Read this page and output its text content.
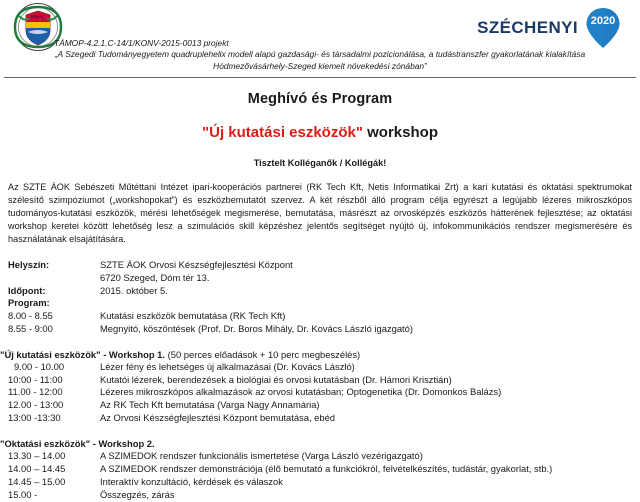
SZÉCHENYI 2020
TÁMOP-4.2.1.C-14/1/KONV-2015-0013 projekt
„A Szegedi Tudományegyetem quadruplehelix modell alapú gazdasági- és társadalmi pozicionálása, a tudástranszfer gyakorlatának kialakítása
Hódmezővásárhely-Szeged kiemelt növekedési zónában”
Meghívó és Program
"Új kutatási eszközök" workshop
Tisztelt Kolléganők / Kollégák!
Az SZTE ÁOK Sebészeti Műtéttani Intézet ipari-kooperációs partnerei (RK Tech Kft, Netis Informatikai Zrt) a kari kutatási és oktatási spektrumokat szélesítő szimpóziumot („workshopokat”) és eszközbemutatót szervez. A két részből álló program célja egyrészt a legújabb lézeres mikroszkópos tudományos-kutatási eszközök, mérési lehetőségek megismerése, bemutatása, másrészt az orvosképzés eszközös hátterének fejlesztése; az oktatási workshop keretei között lehetőség lesz a szimulációs skill képzéshez jelentős segítséget nyújtó új, infokommunikációs rendszer megismerésére és használatának elsajátítására.
Helyszín:	SZTE ÁOK Orvosi Készségfejlesztési Központ
6720 Szeged, Dóm tér 13.
Időpont:	2015. október 5.
Program:
8.00 - 8.55	Kutatási eszközök bemutatása (RK Tech Kft)
8.55 - 9:00	Megnyitó, köszöntések (Prof. Dr. Boros Mihály, Dr. Kovács László igazgató)
"Új kutatási eszközök" - Workshop 1. (50 perces előadások + 10 perc megbeszélés)
9.00 - 10.00	Lézer fény és lehetséges új alkalmazásai (Dr. Kovács László)
10:00 - 11:00	Kutatói lézerek, berendezések a biológiai és orvosi kutatásban (Dr. Hámori Krisztián)
11.00 - 12:00	Lézeres mikroszkópos alkalmazások az orvosi kutatásban; Optogenetika (Dr. Domonkos Balázs)
12.00 - 13:00	Az RK Tech Kft bemutatása (Varga Nagy Annamária)
13:00 -13:30	Az Orvosi Készségfejlesztési Központ bemutatása, ebéd
"Oktatási eszközök" - Workshop 2.
13.30 – 14.00	A SZIMEDOK rendszer funkcionális ismertetése (Varga László vezérigazgató)
14.00 – 14.45	A SZIMEDOK rendszer demonstrációja (élő bemutató a funkciókról, felvételkészítés, tudástár, gyakorlat, stb.)
14.45 – 15.00	Interaktív konzultáció, kérdések és válaszok
15.00 -	Összegzés, zárás
